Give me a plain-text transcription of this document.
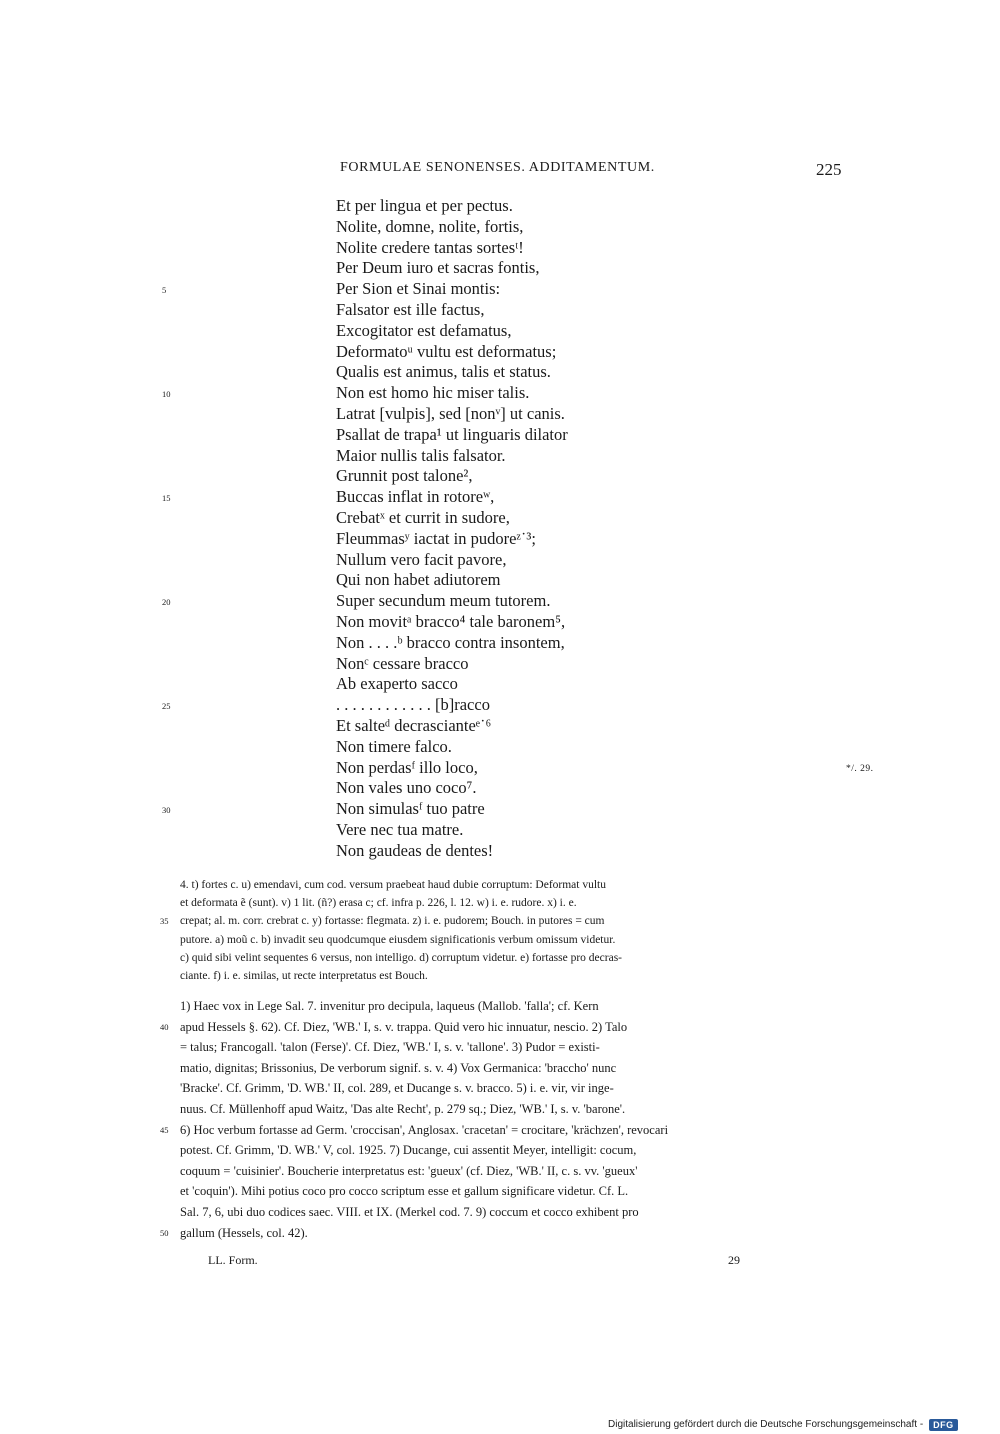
FORMULAE SENONENSES. ADDITAMENTUM.	225
Et per lingua et per pectus.
Nolite, domne, nolite, fortis,
Nolite credere tantas sortesᵗ!
Per Deum iuro et sacras fontis,
5	Per Sion et Sinai montis:
Falsator est ille factus,
Excogitator est defamatus,
Deformatoᵘ vultu est deformatus;
Qualis est animus, talis et status.
10	Non est homo hic miser talis.
Latrat [vulpis], sed [nonᵛ] ut canis.
Psallat de trapa¹ ut linguaris dilator
Maior nullis talis falsator.
Grunnit post talone²,
15	Buccas inflat in rotoreʷ,
Crebatˣ et currit in sudore,
Fleummasʸ iactat in pudoreᶻ˙³;
Nullum vero facit pavore,
Qui non habet adiutorem
20	Super secundum meum tutorem.
Non movitᵃ bracco⁴ tale baronem⁵,
Non . . . .ᵇ bracco contra insontem,
Nonᶜ cessare bracco
Ab exaperto sacco
25	. . . . . . . . . . . . [b]racco
Et salteᵈ decrascianteᵉ˙⁶
Non timere falco.
Non perdasᶠ illo loco,
Non vales uno coco⁷.
30	Non simulasᶠ tuo patre
Vere nec tua matre.
Non gaudeas de dentes!
*/. 29.
4. t) fortes c. u) emendavi, cum cod. versum praebeat haud dubie corruptum: Deformat vultu
et deformata ẽ (sunt). v) 1 lit. (ñ?) erasa c; cf. infra p. 226, l. 12. w) i. e. rudore. x) i. e.
35 crepat; al. m. corr. crebrat c. y) fortasse: flegmata. z) i. e. pudorem; Bouch. in putores = cum
putore. a) moũ c. b) invadit seu quodcumque eiusdem significationis verbum omissum videtur.
c) quid sibi velint sequentes 6 versus, non intelligo. d) corruptum videtur. e) fortasse pro decras-
ciante. f) i. e. similas, ut recte interpretatus est Bouch.
1) Haec vox in Lege Sal. 7. invenitur pro decipula, laqueus (Mallob. 'falla'; cf. Kern
40 apud Hessels §. 62). Cf. Diez, 'WB.' I, s. v. trappa. Quid vero hic innuatur, nescio. 2) Talo
= talus; Francogall. 'talon (Ferse)'. Cf. Diez, 'WB.' I, s. v. 'tallone'. 3) Pudor = existi-
matio, dignitas; Brissonius, De verborum signif. s. v. 4) Vox Germanica: 'braccho' nunc
'Bracke'. Cf. Grimm, 'D. WB.' II, col. 289, et Ducange s. v. bracco. 5) i. e. vir, vir inge-
nuus. Cf. Müllenhoff apud Waitz, 'Das alte Recht', p. 279 sq.; Diez, 'WB.' I, s. v. 'barone'.
45 6) Hoc verbum fortasse ad Germ. 'croccisan', Anglosax. 'cracetan' = crocitare, 'krächzen', revocari
potest. Cf. Grimm, 'D. WB.' V, col. 1925. 7) Ducange, cui assentit Meyer, intelligit: cocum,
coquum = 'cuisinier'. Boucherie interpretatus est: 'gueux' (cf. Diez, 'WB.' II, c. s. vv. 'gueux'
et 'coquin'). Mihi potius coco pro cocco scriptum esse et gallum significare videtur. Cf. L.
Sal. 7, 6, ubi duo codices saec. VIII. et IX. (Merkel cod. 7. 9) coccum et cocco exhibent pro
50 gallum (Hessels, col. 42).
LL. Form.	29
Digitalisierung gefördert durch die Deutsche Forschungsgemeinschaft -	DFG
